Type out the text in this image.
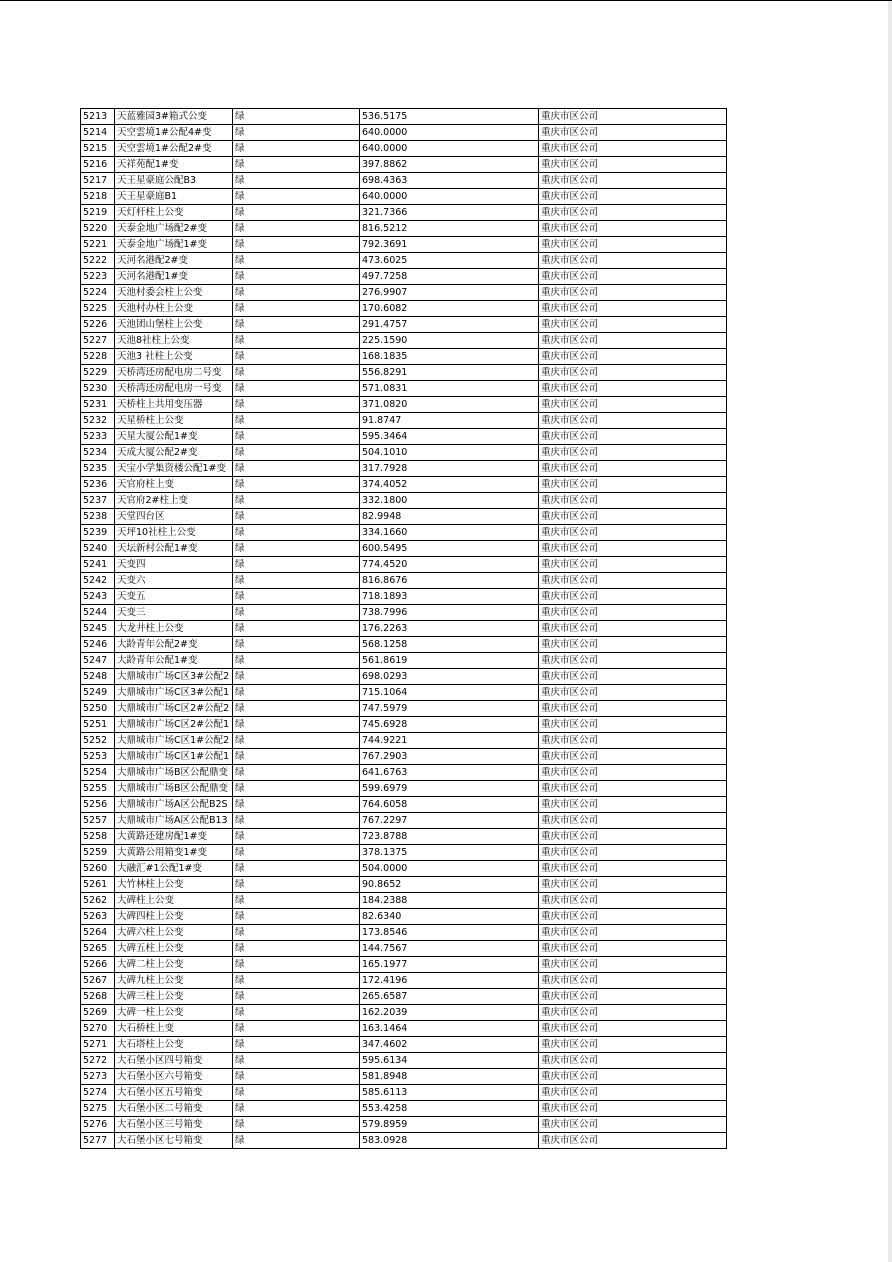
5213	天蓝雅园3#箱式公变	绿	536.5175	重庆市区公司
5214	天空雲境1#公配4#变	绿	640.0000	重庆市区公司
5215	天空雲境1#公配2#变	绿	640.0000	重庆市区公司
5216	天祥苑配1#变	绿	397.8862	重庆市区公司
5217	天王星豪庭公配B3	绿	698.4363	重庆市区公司
5218	天王星豪庭B1	绿	640.0000	重庆市区公司
5219	天灯杆柱上公变	绿	321.7366	重庆市区公司
5220	天泰金地广场配2#变	绿	816.5212	重庆市区公司
5221	天泰金地广场配1#变	绿	792.3691	重庆市区公司
5222	天河名港配2#变	绿	473.6025	重庆市区公司
5223	天河名港配1#变	绿	497.7258	重庆市区公司
5224	天池村委会柱上公变	绿	276.9907	重庆市区公司
5225	天池村办柱上公变	绿	170.6082	重庆市区公司
5226	天池团山堡柱上公变	绿	291.4757	重庆市区公司
5227	天池8社柱上公变	绿	225.1590	重庆市区公司
5228	天池3 社柱上公变	绿	168.1835	重庆市区公司
5229	天桥湾还房配电房二号变	绿	556.8291	重庆市区公司
5230	天桥湾还房配电房一号变	绿	571.0831	重庆市区公司
5231	天桥柱上共用变压器	绿	371.0820	重庆市区公司
5232	天星桥柱上公变	绿	91.8747	重庆市区公司
5233	天星大厦公配1#变	绿	595.3464	重庆市区公司
5234	天成大厦公配2#变	绿	504.1010	重庆市区公司
5235	天宝小学集资楼公配1#变	绿	317.7928	重庆市区公司
5236	天官府柱上变	绿	374.4052	重庆市区公司
5237	天官府2#柱上变	绿	332.1800	重庆市区公司
5238	天堂四台区	绿	82.9948	重庆市区公司
5239	天坪10社柱上公变	绿	334.1660	重庆市区公司
5240	天坛新村公配1#变	绿	600.5495	重庆市区公司
5241	天变四	绿	774.4520	重庆市区公司
5242	天变六	绿	816.8676	重庆市区公司
5243	天变五	绿	718.1893	重庆市区公司
5244	天变三	绿	738.7996	重庆市区公司
5245	大龙井柱上公变	绿	176.2263	重庆市区公司
5246	大龄青年公配2#变	绿	568.1258	重庆市区公司
5247	大龄青年公配1#变	绿	561.8619	重庆市区公司
5248	大鼎城市广场C区3#公配2	绿	698.0293	重庆市区公司
5249	大鼎城市广场C区3#公配1	绿	715.1064	重庆市区公司
5250	大鼎城市广场C区2#公配2	绿	747.5979	重庆市区公司
5251	大鼎城市广场C区2#公配1	绿	745.6928	重庆市区公司
5252	大鼎城市广场C区1#公配2	绿	744.9221	重庆市区公司
5253	大鼎城市广场C区1#公配1	绿	767.2903	重庆市区公司
5254	大鼎城市广场B区公配鼎变	绿	641.6763	重庆市区公司
5255	大鼎城市广场B区公配鼎变	绿	599.6979	重庆市区公司
5256	大鼎城市广场A区公配B2S	绿	764.6058	重庆市区公司
5257	大鼎城市广场A区公配B13	绿	767.2297	重庆市区公司
5258	大黄路还建房配1#变	绿	723.8788	重庆市区公司
5259	大黄路公用箱变1#变	绿	378.1375	重庆市区公司
5260	大融汇#1公配1#变	绿	504.0000	重庆市区公司
5261	大竹林柱上公变	绿	90.8652	重庆市区公司
5262	大碑柱上公变	绿	184.2388	重庆市区公司
5263	大碑四柱上公变	绿	82.6340	重庆市区公司
5264	大碑六柱上公变	绿	173.8546	重庆市区公司
5265	大碑五柱上公变	绿	144.7567	重庆市区公司
5266	大碑二柱上公变	绿	165.1977	重庆市区公司
5267	大碑九柱上公变	绿	172.4196	重庆市区公司
5268	大碑三柱上公变	绿	265.6587	重庆市区公司
5269	大碑一柱上公变	绿	162.2039	重庆市区公司
5270	大石桥柱上变	绿	163.1464	重庆市区公司
5271	大石塔柱上公变	绿	347.4602	重庆市区公司
5272	大石堡小区四号箱变	绿	595.6134	重庆市区公司
5273	大石堡小区六号箱变	绿	581.8948	重庆市区公司
5274	大石堡小区五号箱变	绿	585.6113	重庆市区公司
5275	大石堡小区二号箱变	绿	553.4258	重庆市区公司
5276	大石堡小区三号箱变	绿	579.8959	重庆市区公司
5277	大石堡小区七号箱变	绿	583.0928	重庆市区公司
